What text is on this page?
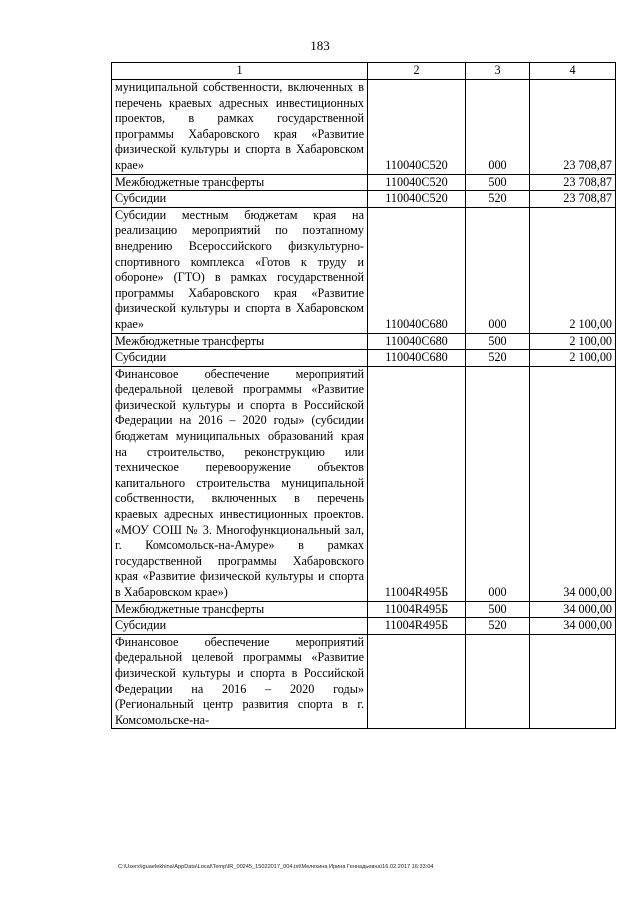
183
1	2	3	4
муниципальной собственности, включенных в перечень краевых адресных инвестиционных проектов, в рамках государственной программы Хабаровского края «Развитие физической культуры и спорта в Хабаровском крае»	110040С520	000	23 708,87
Межбюджетные трансферты	110040С520	500	23 708,87
Субсидии	110040С520	520	23 708,87
Субсидии местным бюджетам края на реализацию мероприятий по поэтапному внедрению Всероссийского физкультурно-спортивного комплекса «Готов к труду и обороне» (ГТО) в рамках государственной программы Хабаровского края «Развитие физической культуры и спорта в Хабаровском крае»	110040С680	000	2 100,00
Межбюджетные трансферты	110040С680	500	2 100,00
Субсидии	110040С680	520	2 100,00
Финансовое обеспечение мероприятий федеральной целевой программы «Развитие физической культуры и спорта в Российской Федерации на 2016 – 2020 годы» (субсидии бюджетам муниципальных образований края на строительство, реконструкцию или техническое перевооружение объектов капитального строительства муниципальной собственности, включенных в перечень краевых адресных инвестиционных проектов. «МОУ СОШ № 3. Многофункциональный зал, г. Комсомольск-на-Амуре» в рамках государственной программы Хабаровского края «Развитие физической культуры и спорта в Хабаровском крае»)	11004R495Б	000	34 000,00
Межбюджетные трансферты	11004R495Б	500	34 000,00
Субсидии	11004R495Б	520	34 000,00
Финансовое обеспечение мероприятий федеральной целевой программы «Развитие физической культуры и спорта в Российской Федерации на 2016 – 2020 годы» (Региональный центр развития спорта в г. Комсомольске-на-			
C:\Users\iguaelekhina\AppData\Local\Temp\IR_00245_15022017_004.txt\Мелехина Ирина Геннадьевна\16.02.2017 16:33:04
